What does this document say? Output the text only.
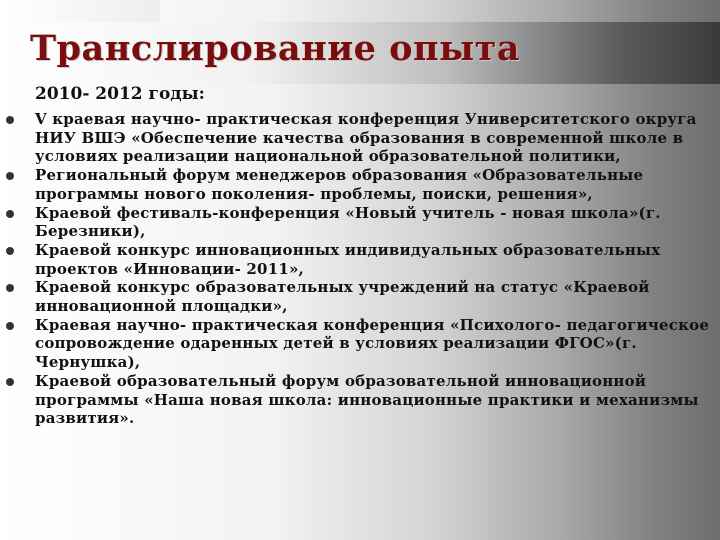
Транслирование опыта
2010- 2012 годы:
V краевая научно- практическая конференция Университетского округа НИУ ВШЭ «Обеспечение качества образования в современной школе в условиях реализации национальной образовательной политики,
Региональный форум менеджеров образования «Образовательные программы нового поколения- проблемы, поиски, решения»,
Краевой фестиваль-конференция «Новый учитель - новая школа»(г. Березники),
Краевой конкурс инновационных индивидуальных образовательных проектов «Инновации- 2011»,
Краевой конкурс образовательных учреждений на статус «Краевой инновационной площадки»,
Краевая научно- практическая конференция «Психолого- педагогическое сопровождение одаренных детей в условиях реализации ФГОС»(г. Чернушка),
Краевой образовательный форум образовательной инновационной программы «Наша новая школа: инновационные практики и механизмы развития».
